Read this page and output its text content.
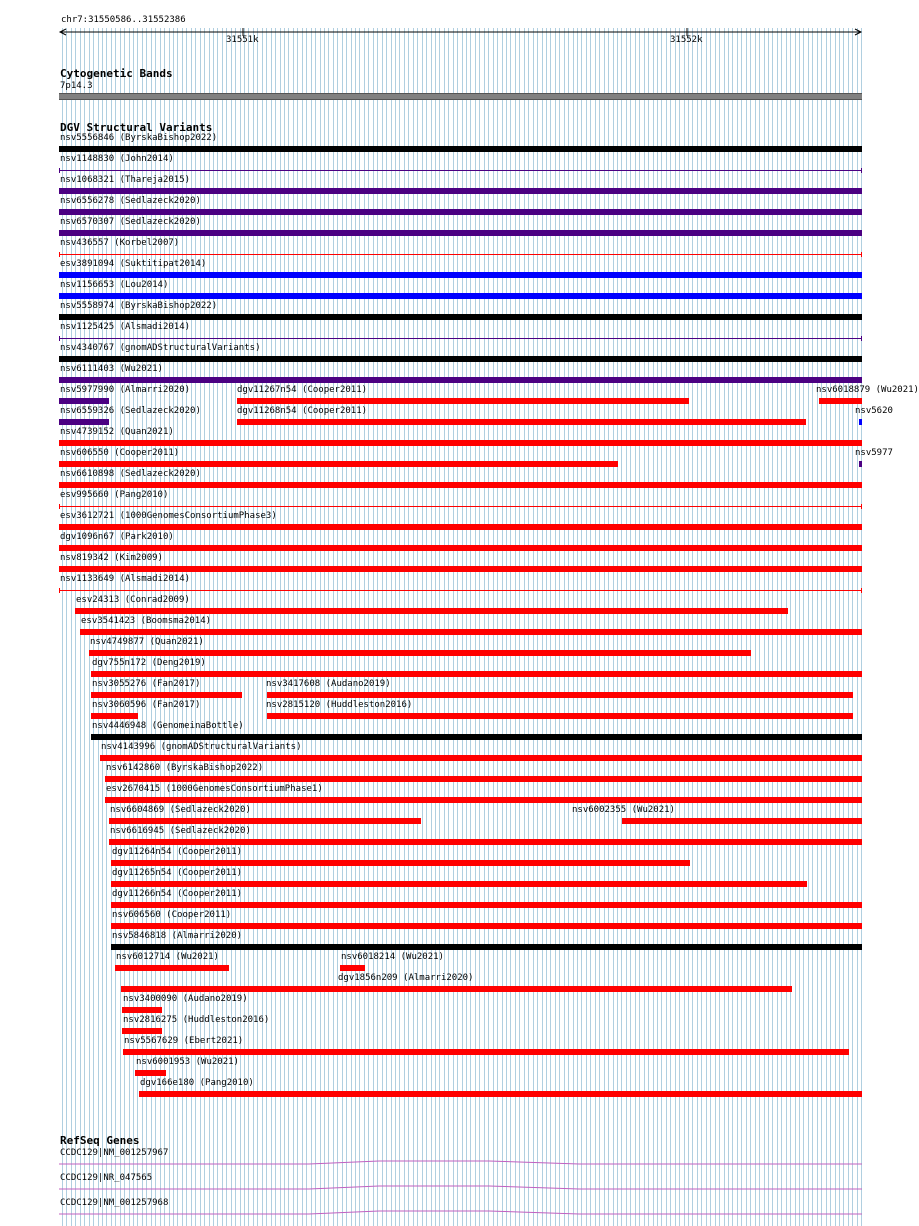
chr7:31550586..31552386
31551k	31552k
Cytogenetic Bands
7p14.3
DGV Structural Variants
nsv5556846 (ByrskaBishop2022)
nsv1148830 (John2014)
nsv1068321 (Thareja2015)
nsv6556278 (Sedlazeck2020)
nsv6570307 (Sedlazeck2020)
nsv436557 (Korbel2007)
esv3891094 (Suktitipat2014)
nsv1156653 (Lou2014)
nsv5558974 (ByrskaBishop2022)
nsv1125425 (Alsmadi2014)
nsv4340767 (gnomADStructuralVariants)
nsv6111403 (Wu2021)
nsv5977990 (Almarri2020)	dgv11267n54 (Cooper2011)	nsv6018879 (Wu2021)
nsv6559326 (Sedlazeck2020)	dgv11268n54 (Cooper2011)	nsv5620
nsv4739152 (Quan2021)
nsv606550 (Cooper2011)	nsv5977
nsv6610898 (Sedlazeck2020)
esv995660 (Pang2010)
esv3612721 (1000GenomesConsortiumPhase3)
dgv1096n67 (Park2010)
nsv819342 (Kim2009)
nsv1133649 (Alsmadi2014)
esv24313 (Conrad2009)
esv3541423 (Boomsma2014)
nsv4749877 (Quan2021)
dgv755n172 (Deng2019)
nsv3055276 (Fan2017)	nsv3417608 (Audano2019)
nsv3060596 (Fan2017)	nsv2815120 (Huddleston2016)
nsv4446948 (GenomeinaBottle)
nsv4143996 (gnomADStructuralVariants)
nsv6142860 (ByrskaBishop2022)
esv2670415 (1000GenomesConsortiumPhase1)
nsv6604869 (Sedlazeck2020)	nsv6002355 (Wu2021)
nsv6616945 (Sedlazeck2020)
dgv11264n54 (Cooper2011)
dgv11265n54 (Cooper2011)
dgv11266n54 (Cooper2011)
nsv606560 (Cooper2011)
nsv5846818 (Almarri2020)
nsv6012714 (Wu2021)	nsv6018214 (Wu2021)
dgv1856n209 (Almarri2020)
nsv3400090 (Audano2019)
nsv2816275 (Huddleston2016)
nsv5567629 (Ebert2021)
nsv6001953 (Wu2021)
dgv166e180 (Pang2010)
RefSeq Genes
CCDC129|NM_001257967
CCDC129|NR_047565
CCDC129|NM_001257968
